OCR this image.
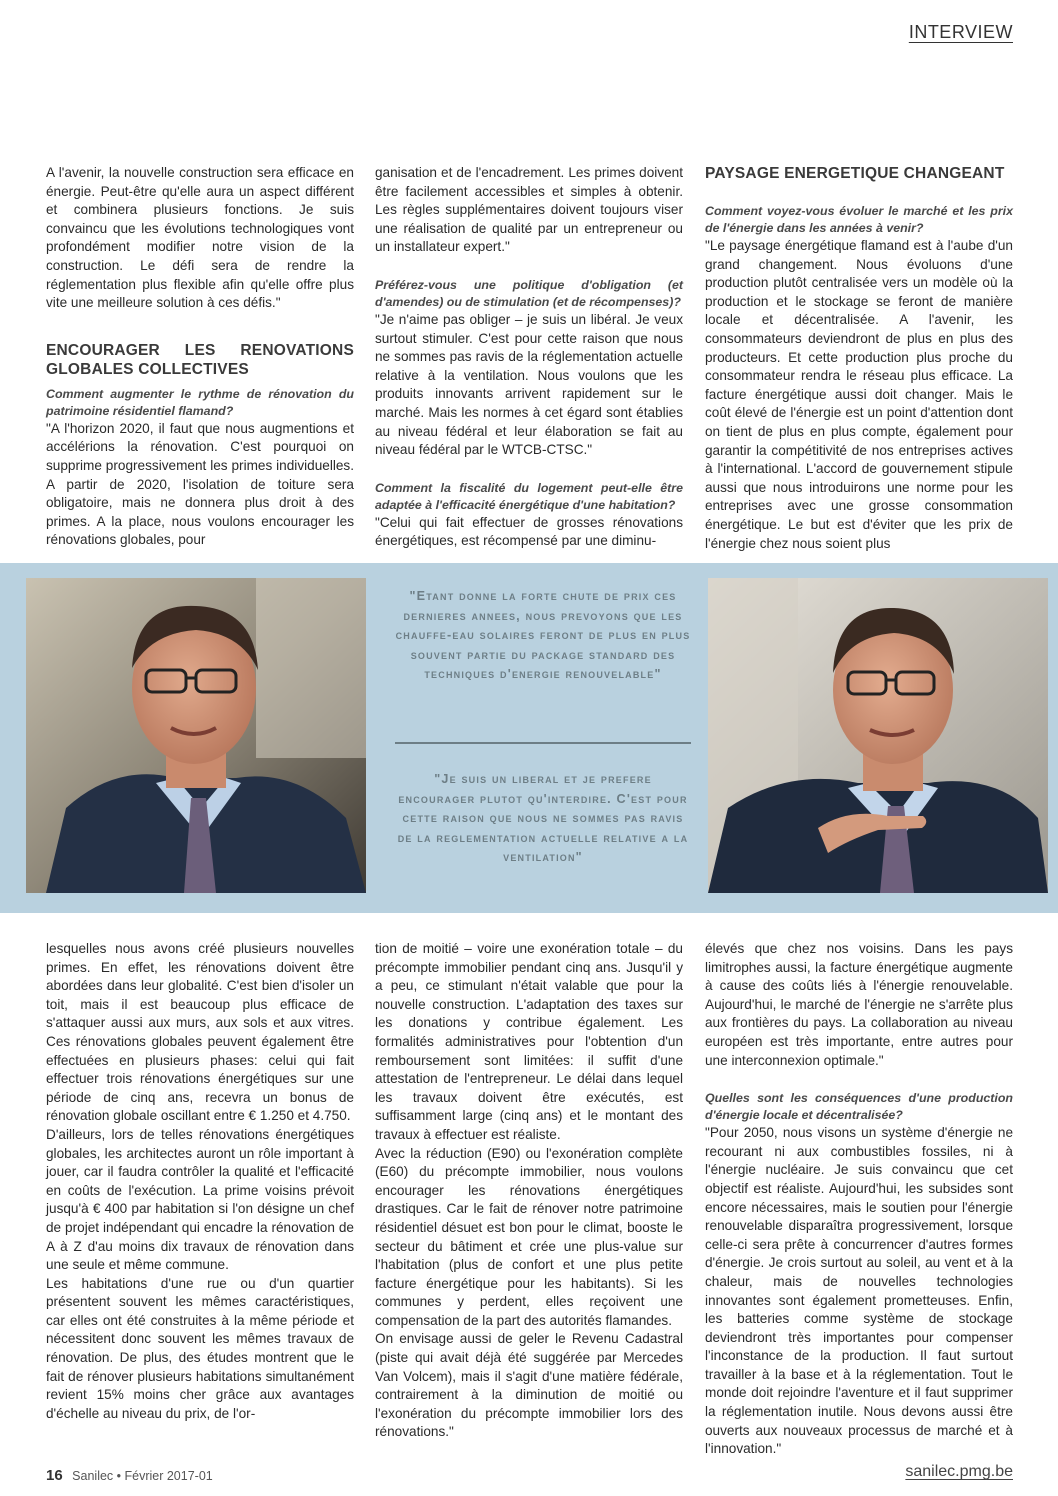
INTERVIEW

A l'avenir, la nouvelle construction sera efficace en énergie. Peut-être qu'elle aura un aspect différent et combinera plusieurs fonctions. Je suis convaincu que les évolutions technologiques vont profondément modifier notre vision de la construction. Le défi sera de rendre la réglementation plus flexible afin qu'elle offre plus vite une meilleure solution à ces défis."

ENCOURAGER LES RENOVATIONS GLOBALES COLLECTIVES

Comment augmenter le rythme de rénovation du patrimoine résidentiel flamand?

"A l'horizon 2020, il faut que nous augmentions et accélérions la rénovation. C'est pourquoi on supprime progressivement les primes individuelles. A partir de 2020, l'isolation de toiture sera obligatoire, mais ne donnera plus droit à des primes. A la place, nous voulons encourager les rénovations globales, pour

ganisation et de l'encadrement. Les primes doivent être facilement accessibles et simples à obtenir. Les règles supplémentaires doivent toujours viser une réalisation de qualité par un entrepreneur ou un installateur expert."

Préférez-vous une politique d'obligation (et d'amendes) ou de stimulation (et de récompenses)?

"Je n'aime pas obliger – je suis un libéral. Je veux surtout stimuler. C'est pour cette raison que nous ne sommes pas ravis de la réglementation actuelle relative à la ventilation. Nous voulons que les produits innovants arrivent rapidement sur le marché. Mais les normes à cet égard sont établies au niveau fédéral et leur élaboration se fait au niveau fédéral par le WTCB-CTSC."

Comment la fiscalité du logement peut-elle être adaptée à l'efficacité énergétique d'une habitation?

"Celui qui fait effectuer de grosses rénovations énergétiques, est récompensé par une diminu-

PAYSAGE ENERGETIQUE CHANGEANT

Comment voyez-vous évoluer le marché et les prix de l'énergie dans les années à venir?

"Le paysage énergétique flamand est à l'aube d'un grand changement. Nous évoluons d'une production plutôt centralisée vers un modèle où la production et le stockage se feront de manière locale et décentralisée. A l'avenir, les consommateurs deviendront de plus en plus des producteurs. Et cette production plus proche du consommateur rendra le réseau plus efficace. La facture énergétique aussi doit changer. Mais le coût élevé de l'énergie est un point d'attention dont on tient de plus en plus compte, également pour garantir la compétitivité de nos entreprises actives à l'international. L'accord de gouvernement stipule aussi que nous introduirons une norme pour les entreprises avec une grosse consommation énergétique. Le but est d'éviter que les prix de l'énergie chez nous soient plus

"Etant donne la forte chute de prix ces dernieres annees, nous prevoyons que les chauffe-eau solaires feront de plus en plus souvent partie du package standard des techniques d'energie renouvelable"
"Je suis un liberal et je prefere encourager plutot qu'interdire. C'est pour cette raison que nous ne sommes pas ravis de la reglementation actuelle relative a la ventilation"

lesquelles nous avons créé plusieurs nouvelles primes. En effet, les rénovations doivent être abordées dans leur globalité. C'est bien d'isoler un toit, mais il est beaucoup plus efficace de s'attaquer aussi aux murs, aux sols et aux vitres. Ces rénovations globales peuvent également être effectuées en plusieurs phases: celui qui fait effectuer trois rénovations énergétiques sur une période de cinq ans, recevra un bonus de rénovation globale oscillant entre € 1.250 et 4.750.

D'ailleurs, lors de telles rénovations énergétiques globales, les architectes auront un rôle important à jouer, car il faudra contrôler la qualité et l'efficacité en coûts de l'exécution. La prime voisins prévoit jusqu'à € 400 par habitation si l'on désigne un chef de projet indépendant qui encadre la rénovation de A à Z d'au moins dix travaux de rénovation dans une seule et même commune.

Les habitations d'une rue ou d'un quartier présentent souvent les mêmes caractéristiques, car elles ont été construites à la même période et nécessitent donc souvent les mêmes travaux de rénovation. De plus, des études montrent que le fait de rénover plusieurs habitations simultanément revient 15% moins cher grâce aux avantages d'échelle au niveau du prix, de l'or-

tion de moitié – voire une exonération totale – du précompte immobilier pendant cinq ans. Jusqu'il y a peu, ce stimulant n'était valable que pour la nouvelle construction. L'adaptation des taxes sur les donations y contribue également. Les formalités administratives pour l'obtention d'un remboursement sont limitées: il suffit d'une attestation de l'entrepreneur. Le délai dans lequel les travaux doivent être exécutés, est suffisamment large (cinq ans) et le montant des travaux à effectuer est réaliste.

Avec la réduction (E90) ou l'exonération complète (E60) du précompte immobilier, nous voulons encourager les rénovations énergétiques drastiques. Car le fait de rénover notre patrimoine résidentiel désuet est bon pour le climat, booste le secteur du bâtiment et crée une plus-value sur l'habitation (plus de confort et une plus petite facture énergétique pour les habitants). Si les communes y perdent, elles reçoivent une compensation de la part des autorités flamandes.

On envisage aussi de geler le Revenu Cadastral (piste qui avait déjà été suggérée par Mercedes Van Volcem), mais il s'agit d'une matière fédérale, contrairement à la diminution de moitié ou l'exonération du précompte immobilier lors des rénovations."

élevés que chez nos voisins. Dans les pays limitrophes aussi, la facture énergétique augmente à cause des coûts liés à l'énergie renouvelable. Aujourd'hui, le marché de l'énergie ne s'arrête plus aux frontières du pays. La collaboration au niveau européen est très importante, entre autres pour une interconnexion optimale."

Quelles sont les conséquences d'une production d'énergie locale et décentralisée?

"Pour 2050, nous visons un système d'énergie ne recourant ni aux combustibles fossiles, ni à l'énergie nucléaire. Je suis convaincu que cet objectif est réaliste. Aujourd'hui, les subsides sont encore nécessaires, mais le soutien pour l'énergie renouvelable disparaîtra progressivement, lorsque celle-ci sera prête à concurrencer d'autres formes d'énergie. Je crois surtout au soleil, au vent et à la chaleur, mais de nouvelles technologies innovantes sont également prometteuses. Enfin, les batteries comme système de stockage deviendront très importantes pour compenser l'inconstance de la production. Il faut surtout travailler à la base et à la réglementation. Tout le monde doit rejoindre l'aventure et il faut supprimer la réglementation inutile. Nous devons aussi être ouverts aux nouveaux processus de marché et à l'innovation."

16 Sanilec • Février 2017-01	sanilec.pmg.be
